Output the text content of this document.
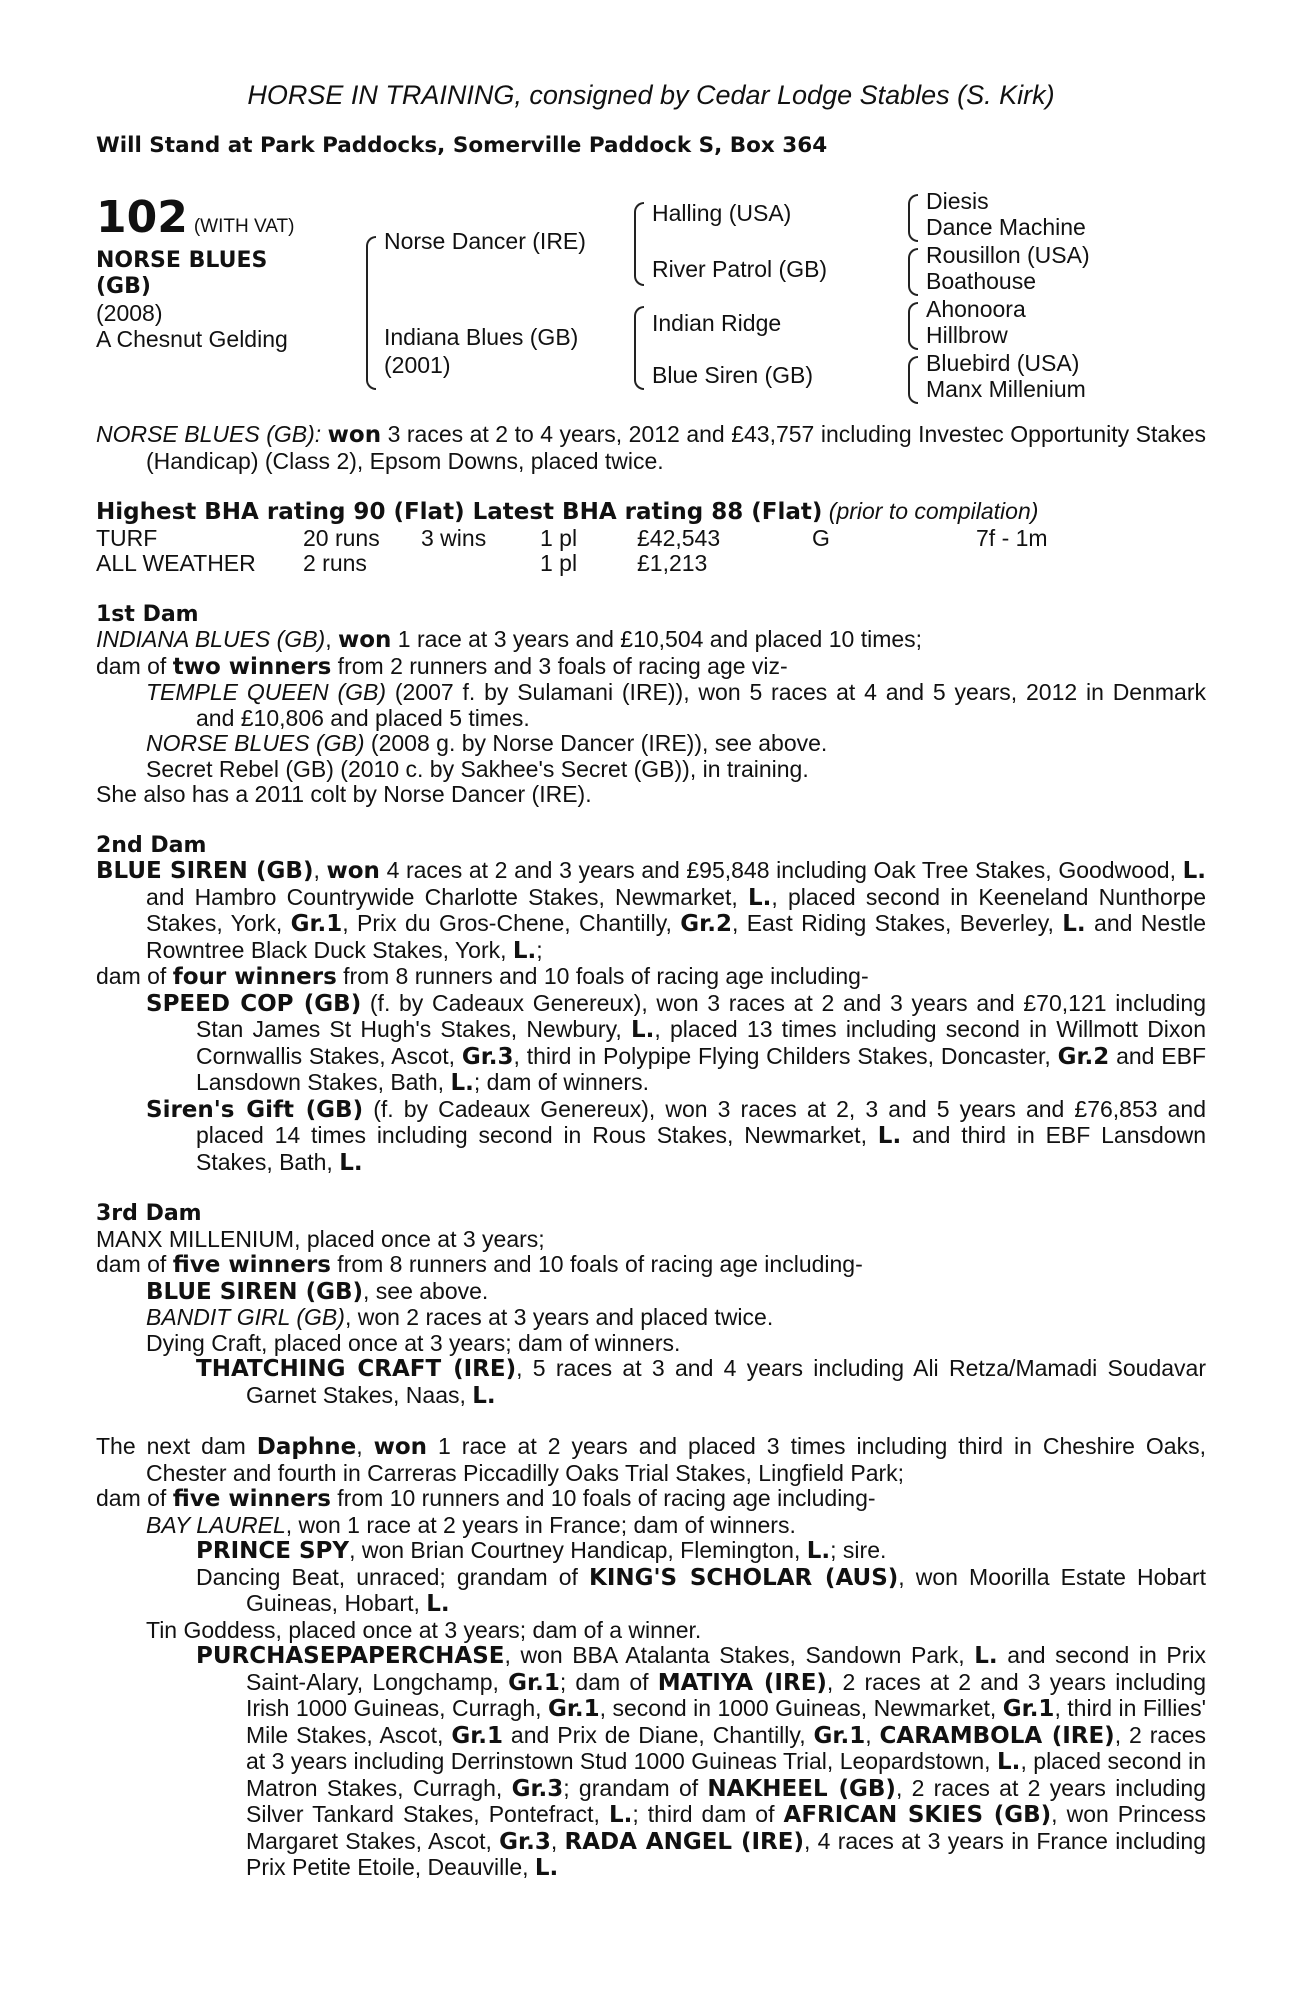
HORSE IN TRAINING, consigned by Cedar Lodge Stables (S. Kirk)
Will Stand at Park Paddocks, Somerville Paddock S, Box 364
102 (WITH VAT)
NORSE BLUES
(GB)
(2008)
A Chesnut Gelding
Norse Dancer (IRE)
Indiana Blues (GB)
(2001)
Halling (USA)
River Patrol (GB)
Indian Ridge
Blue Siren (GB)
Diesis
Dance Machine
Rousillon (USA)
Boathouse
Ahonoora
Hillbrow
Bluebird (USA)
Manx Millenium

NORSE BLUES (GB): won 3 races at 2 to 4 years, 2012 and £43,757 including Investec Opportunity Stakes (Handicap) (Class 2), Epsom Downs, placed twice.

Highest BHA rating 90 (Flat) Latest BHA rating 88 (Flat) (prior to compilation)
TURF	20 runs 3 wins 1 pl	£42,543	G	7f - 1m
ALL WEATHER 2 runs	1 pl	£1,213
1st Dam

INDIANA BLUES (GB), won 1 race at 3 years and £10,504 and placed 10 times;

dam of two winners from 2 runners and 3 foals of racing age viz-

TEMPLE QUEEN (GB) (2007 f. by Sulamani (IRE)), won 5 races at 4 and 5 years, 2012 in Denmark and £10,806 and placed 5 times.

NORSE BLUES (GB) (2008 g. by Norse Dancer (IRE)), see above.

Secret Rebel (GB) (2010 c. by Sakhee's Secret (GB)), in training.

She also has a 2011 colt by Norse Dancer (IRE).

2nd Dam

BLUE SIREN (GB), won 4 races at 2 and 3 years and £95,848 including Oak Tree Stakes, Goodwood, L. and Hambro Countrywide Charlotte Stakes, Newmarket, L., placed second in Keeneland Nunthorpe Stakes, York, Gr.1, Prix du Gros-Chene, Chantilly, Gr.2, East Riding Stakes, Beverley, L. and Nestle Rowntree Black Duck Stakes, York, L.;

dam of four winners from 8 runners and 10 foals of racing age including-

SPEED COP (GB) (f. by Cadeaux Genereux), won 3 races at 2 and 3 years and £70,121 including Stan James St Hugh's Stakes, Newbury, L., placed 13 times including second in Willmott Dixon Cornwallis Stakes, Ascot, Gr.3, third in Polypipe Flying Childers Stakes, Doncaster, Gr.2 and EBF Lansdown Stakes, Bath, L.; dam of winners.

Siren's Gift (GB) (f. by Cadeaux Genereux), won 3 races at 2, 3 and 5 years and £76,853 and placed 14 times including second in Rous Stakes, Newmarket, L. and third in EBF Lansdown Stakes, Bath, L.

3rd Dam

MANX MILLENIUM, placed once at 3 years;

dam of five winners from 8 runners and 10 foals of racing age including-

BLUE SIREN (GB), see above.

BANDIT GIRL (GB), won 2 races at 3 years and placed twice.

Dying Craft, placed once at 3 years; dam of winners.

THATCHING CRAFT (IRE), 5 races at 3 and 4 years including Ali Retza/Mamadi Soudavar Garnet Stakes, Naas, L.

The next dam Daphne, won 1 race at 2 years and placed 3 times including third in Cheshire Oaks, Chester and fourth in Carreras Piccadilly Oaks Trial Stakes, Lingfield Park;

dam of five winners from 10 runners and 10 foals of racing age including-

BAY LAUREL, won 1 race at 2 years in France; dam of winners.

PRINCE SPY, won Brian Courtney Handicap, Flemington, L.; sire.

Dancing Beat, unraced; grandam of KING'S SCHOLAR (AUS), won Moorilla Estate Hobart Guineas, Hobart, L.

Tin Goddess, placed once at 3 years; dam of a winner.

PURCHASEPAPERCHASE, won BBA Atalanta Stakes, Sandown Park, L. and second in Prix Saint-Alary, Longchamp, Gr.1; dam of MATIYA (IRE), 2 races at 2 and 3 years including Irish 1000 Guineas, Curragh, Gr.1, second in 1000 Guineas, Newmarket, Gr.1, third in Fillies' Mile Stakes, Ascot, Gr.1 and Prix de Diane, Chantilly, Gr.1, CARAMBOLA (IRE), 2 races at 3 years including Derrinstown Stud 1000 Guineas Trial, Leopardstown, L., placed second in Matron Stakes, Curragh, Gr.3; grandam of NAKHEEL (GB), 2 races at 2 years including Silver Tankard Stakes, Pontefract, L.; third dam of AFRICAN SKIES (GB), won Princess Margaret Stakes, Ascot, Gr.3, RADA ANGEL (IRE), 4 races at 3 years in France including Prix Petite Etoile, Deauville, L.
